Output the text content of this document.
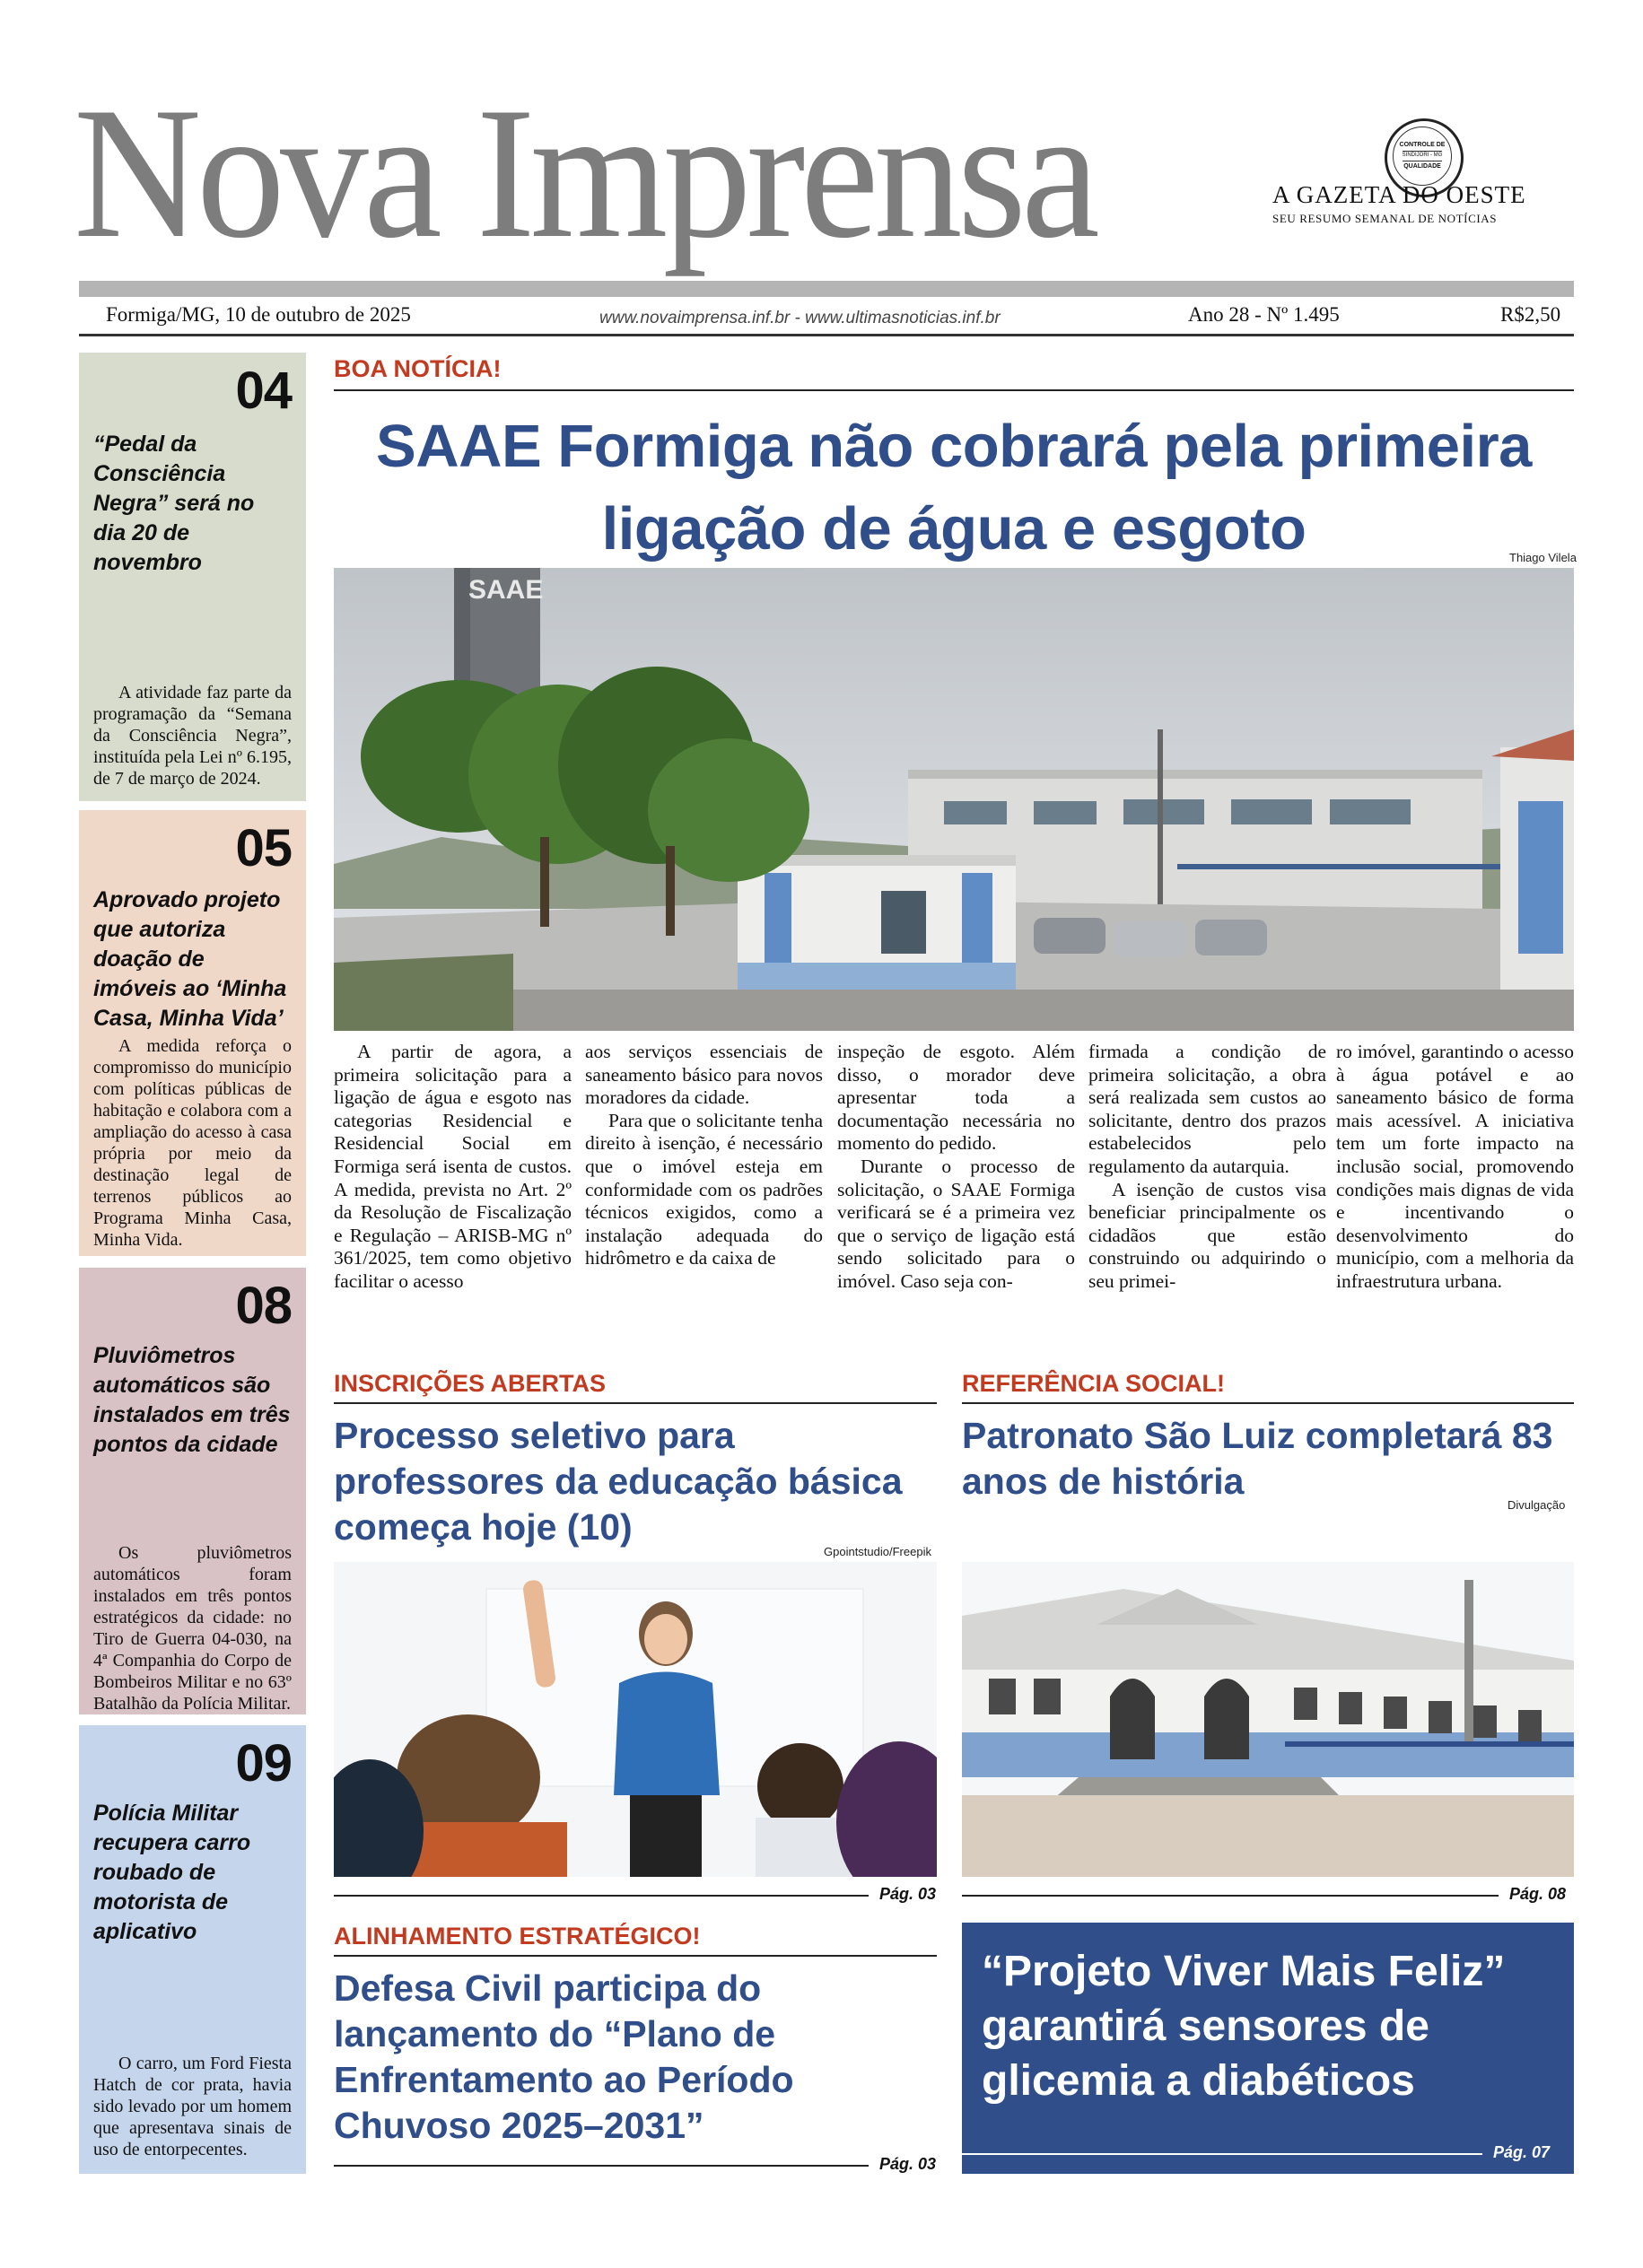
Nova Imprensa	CONTROLE DE
SINDIJORI - MG
QUALIDADE
A GAZETA DO OESTE
SEU RESUMO SEMANAL DE NOTÍCIAS
Formiga/MG, 10 de outubro de 2025	www.novaimprensa.inf.br - www.ultimasnoticias.inf.br	Ano 28 - Nº 1.495	R$2,50
04
“Pedal da Consciência Negra” será no dia 20 de novembro
A atividade faz parte da programação da “Semana da Consciência Negra”, instituída pela Lei nº 6.195, de 7 de março de 2024.
05
Aprovado projeto que autoriza doação de imóveis ao ‘Minha Casa, Minha Vida’
A medida reforça o compromisso do município com políticas públicas de habitação e colabora com a ampliação do acesso à casa própria por meio da destinação legal de terrenos públicos ao Programa Minha Casa, Minha Vida.
08
Pluviômetros automáticos são instalados em três pontos da cidade
Os pluviômetros automáticos foram instalados em três pontos estratégicos da cidade: no Tiro de Guerra 04-030, na 4ª Companhia do Corpo de Bombeiros Militar e no 63º Batalhão da Polícia Militar.
09
Polícia Militar recupera carro roubado de motorista de aplicativo
O carro, um Ford Fiesta Hatch de cor prata, havia sido levado por um homem que apresentava sinais de uso de entorpecentes.
BOA NOTÍCIA!
SAAE Formiga não cobrará pela primeira
ligação de água e esgoto	Thiago Vilela
SAAE

A partir de agora, a primeira solicitação para a ligação de água e esgoto nas categorias Residencial e Residencial Social em Formiga será isenta de custos. A medida, prevista no Art. 2º da Resolução de Fiscalização e Regulação – ARISB-MG nº 361/2025, tem como objetivo facilitar o acesso

aos serviços essenciais de saneamento básico para novos moradores da cidade.

Para que o solicitante tenha direito à isenção, é necessário que o imóvel esteja em conformidade com os padrões técnicos exigidos, como a instalação adequada do hidrômetro e da caixa de

inspeção de esgoto. Além disso, o morador deve apresentar toda a documentação necessária no momento do pedido.

Durante o processo de solicitação, o SAAE Formiga verificará se é a primeira vez que o serviço de ligação está sendo solicitado para o imóvel. Caso seja con-

firmada a condição de primeira solicitação, a obra será realizada sem custos ao solicitante, dentro dos prazos estabelecidos pelo regulamento da autarquia.

A isenção de custos visa beneficiar principalmente os cidadãos que estão construindo ou adquirindo o seu primei-

ro imóvel, garantindo o acesso à água potável e ao saneamento básico de forma mais acessível. A iniciativa tem um forte impacto na inclusão social, promovendo condições mais dignas de vida e incentivando o desenvolvimento do município, com a melhoria da infraestrutura urbana.

INSCRIÇÕES ABERTAS
Processo seletivo para professores da educação básica começa hoje (10)
Gpointstudio/Freepik
Pág. 03
REFERÊNCIA SOCIAL!
Patronato São Luiz completará 83 anos de história
Divulgação
Pág. 08
ALINHAMENTO ESTRATÉGICO!
Defesa Civil participa do lançamento do “Plano de Enfrentamento ao Período Chuvoso 2025–2031”
Pág. 03
“Projeto Viver Mais Feliz” garantirá sensores de glicemia a diabéticos
Pág. 07
